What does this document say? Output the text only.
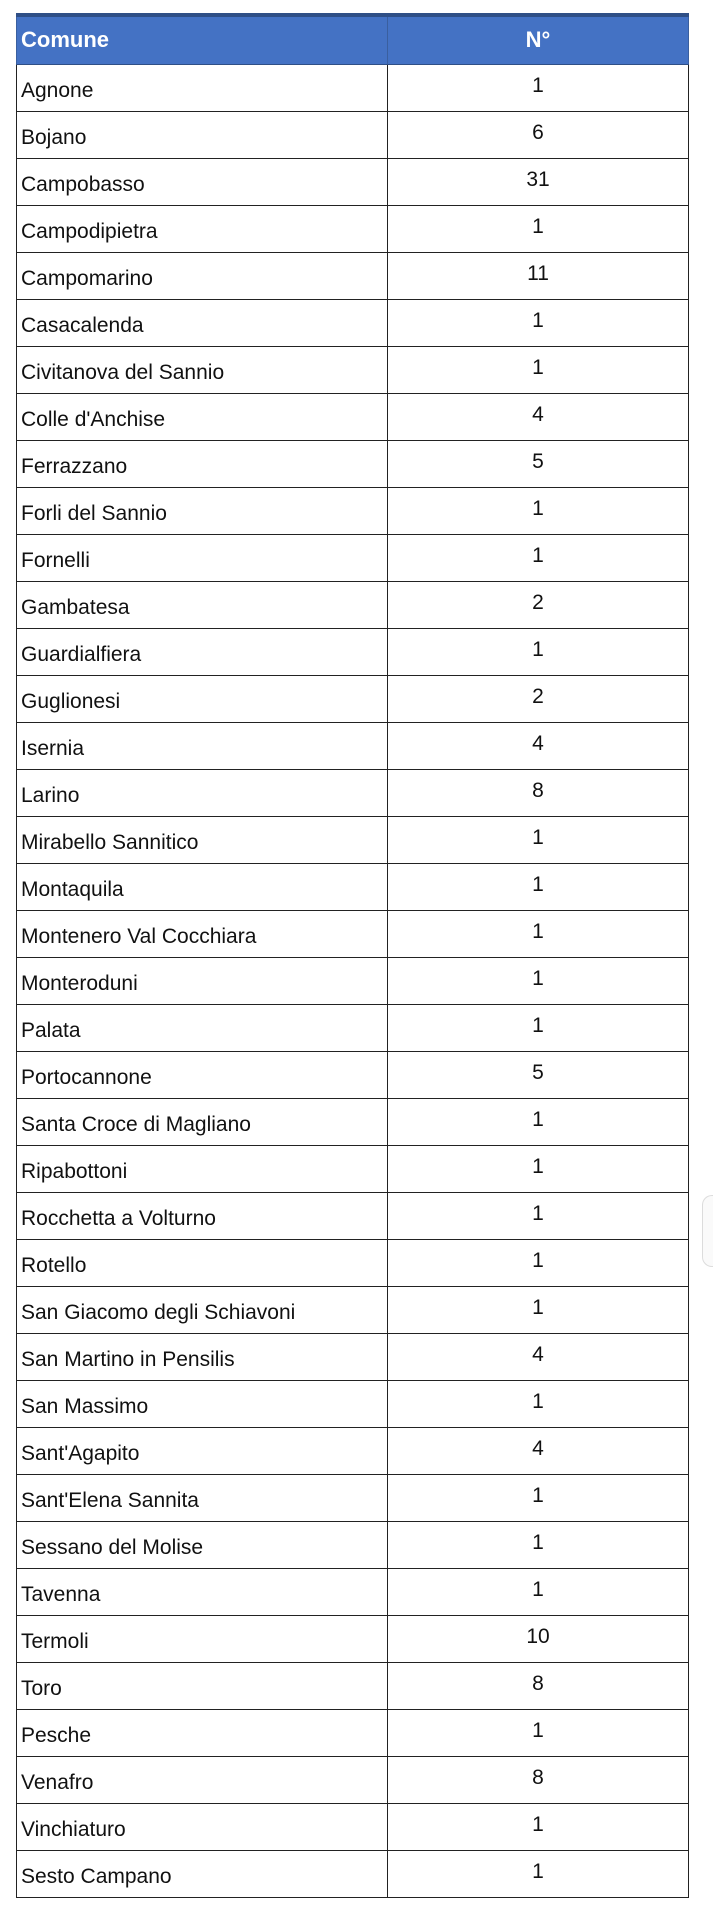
Comune	N°
Agnone	1
Bojano	6
Campobasso	31
Campodipietra	1
Campomarino	11
Casacalenda	1
Civitanova del Sannio	1
Colle d'Anchise	4
Ferrazzano	5
Forli del Sannio	1
Fornelli	1
Gambatesa	2
Guardialfiera	1
Guglionesi	2
Isernia	4
Larino	8
Mirabello Sannitico	1
Montaquila	1
Montenero Val Cocchiara	1
Monteroduni	1
Palata	1
Portocannone	5
Santa Croce di Magliano	1
Ripabottoni	1
Rocchetta a Volturno	1
Rotello	1
San Giacomo degli Schiavoni	1
San Martino in Pensilis	4
San Massimo	1
Sant'Agapito	4
Sant'Elena Sannita	1
Sessano del Molise	1
Tavenna	1
Termoli	10
Toro	8
Pesche	1
Venafro	8
Vinchiaturo	1
Sesto Campano	1
